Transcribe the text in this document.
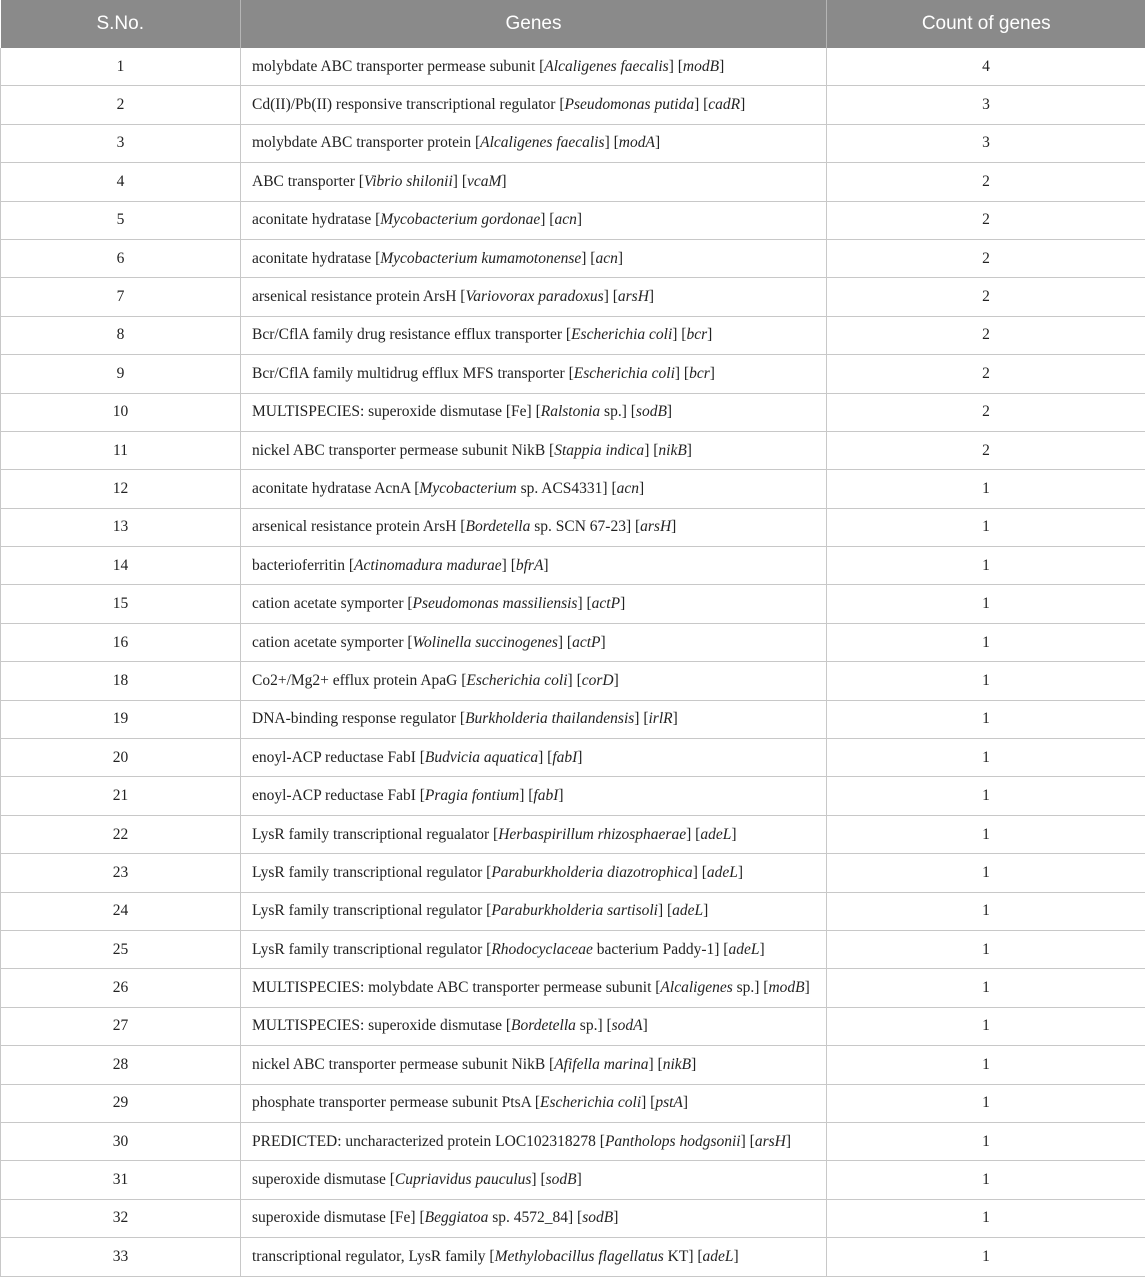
S.No.	Genes	Count of genes
1	molybdate ABC transporter permease subunit [Alcaligenes faecalis] [modB]	4
2	Cd(II)/Pb(II) responsive transcriptional regulator [Pseudomonas putida] [cadR]	3
3	molybdate ABC transporter protein [Alcaligenes faecalis] [modA]	3
4	ABC transporter [Vibrio shilonii] [vcaM]	2
5	aconitate hydratase [Mycobacterium gordonae] [acn]	2
6	aconitate hydratase [Mycobacterium kumamotonense] [acn]	2
7	arsenical resistance protein ArsH [Variovorax paradoxus] [arsH]	2
8	Bcr/CflA family drug resistance efflux transporter [Escherichia coli] [bcr]	2
9	Bcr/CflA family multidrug efflux MFS transporter [Escherichia coli] [bcr]	2
10	MULTISPECIES: superoxide dismutase [Fe] [Ralstonia sp.] [sodB]	2
11	nickel ABC transporter permease subunit NikB [Stappia indica] [nikB]	2
12	aconitate hydratase AcnA [Mycobacterium sp. ACS4331] [acn]	1
13	arsenical resistance protein ArsH [Bordetella sp. SCN 67-23] [arsH]	1
14	bacterioferritin [Actinomadura madurae] [bfrA]	1
15	cation acetate symporter [Pseudomonas massiliensis] [actP]	1
16	cation acetate symporter [Wolinella succinogenes] [actP]	1
18	Co2+/Mg2+ efflux protein ApaG [Escherichia coli] [corD]	1
19	DNA-binding response regulator [Burkholderia thailandensis] [irlR]	1
20	enoyl-ACP reductase FabI [Budvicia aquatica] [fabI]	1
21	enoyl-ACP reductase FabI [Pragia fontium] [fabI]	1
22	LysR family transcriptional regualator [Herbaspirillum rhizosphaerae] [adeL]	1
23	LysR family transcriptional regulator [Paraburkholderia diazotrophica] [adeL]	1
24	LysR family transcriptional regulator [Paraburkholderia sartisoli] [adeL]	1
25	LysR family transcriptional regulator [Rhodocyclaceae bacterium Paddy-1] [adeL]	1
26	MULTISPECIES: molybdate ABC transporter permease subunit [Alcaligenes sp.] [modB]	1
27	MULTISPECIES: superoxide dismutase [Bordetella sp.] [sodA]	1
28	nickel ABC transporter permease subunit NikB [Afifella marina] [nikB]	1
29	phosphate transporter permease subunit PtsA [Escherichia coli] [pstA]	1
30	PREDICTED: uncharacterized protein LOC102318278 [Pantholops hodgsonii] [arsH]	1
31	superoxide dismutase [Cupriavidus pauculus] [sodB]	1
32	superoxide dismutase [Fe] [Beggiatoa sp. 4572_84] [sodB]	1
33	transcriptional regulator, LysR family [Methylobacillus flagellatus KT] [adeL]	1
